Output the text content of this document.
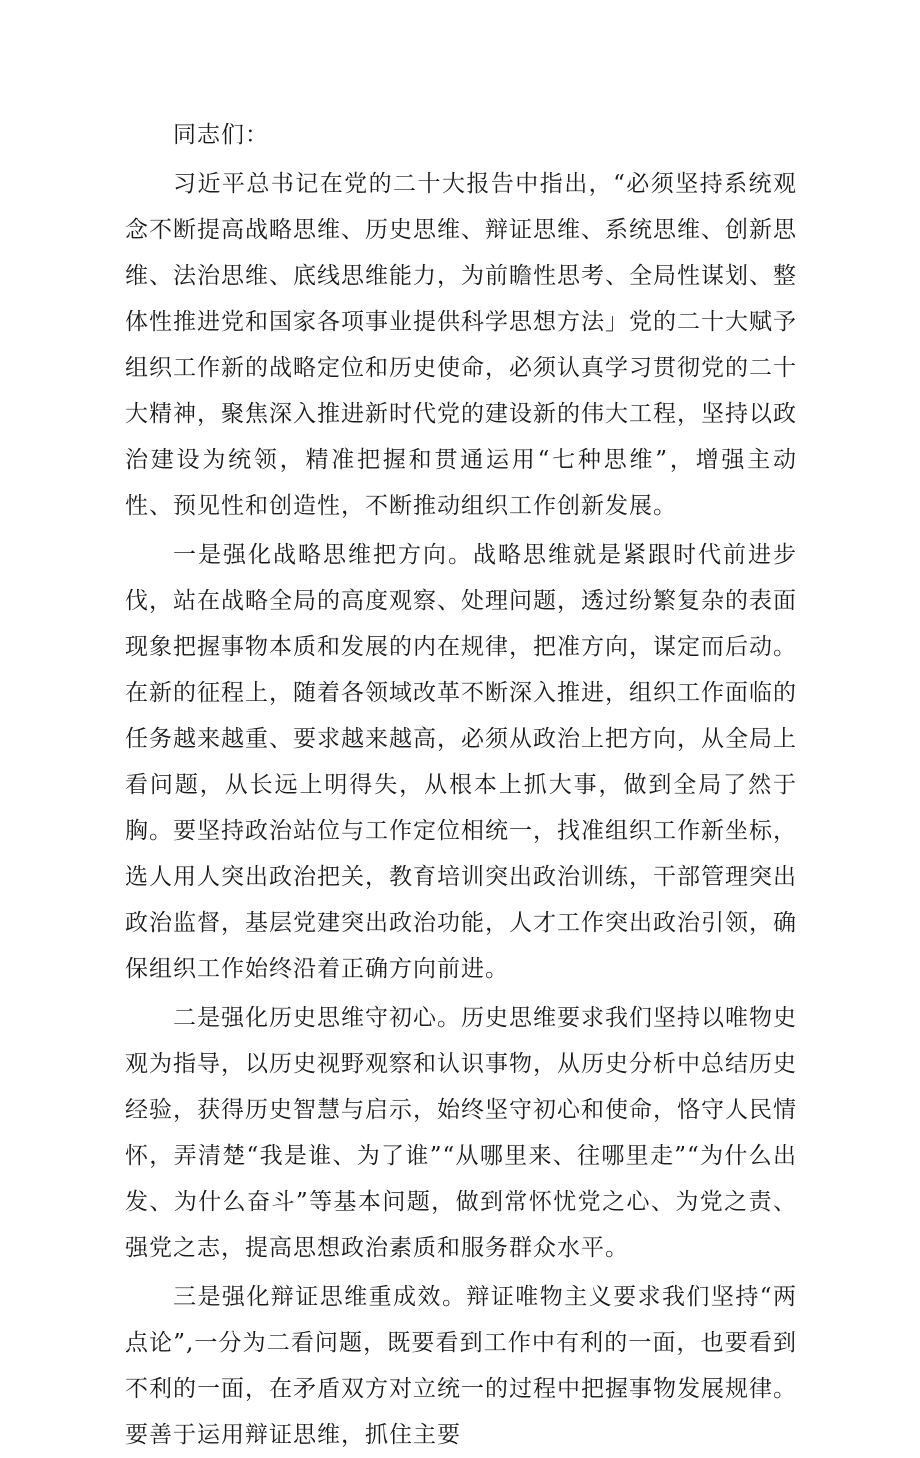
同志们：

习近平总书记在党的二十大报告中指出，“必须坚持系统观念不断提高战略思维、历史思维、辩证思维、系统思维、创新思维、法治思维、底线思维能力，为前瞻性思考、全局性谋划、整体性推进党和国家各项事业提供科学思想方法」党的二十大赋予组织工作新的战略定位和历史使命，必须认真学习贯彻党的二十大精神，聚焦深入推进新时代党的建设新的伟大工程，坚持以政治建设为统领，精准把握和贯通运用“七种思维”，增强主动性、预见性和创造性，不断推动组织工作创新发展。

一是强化战略思维把方向。战略思维就是紧跟时代前进步伐，站在战略全局的高度观察、处理问题，透过纷繁复杂的表面现象把握事物本质和发展的内在规律，把准方向，谋定而后动。在新的征程上，随着各领域改革不断深入推进，组织工作面临的任务越来越重、要求越来越高，必须从政治上把方向，从全局上看问题，从长远上明得失，从根本上抓大事，做到全局了然于胸。要坚持政治站位与工作定位相统一，找准组织工作新坐标，选人用人突出政治把关，教育培训突出政治训练，干部管理突出政治监督，基层党建突出政治功能，人才工作突出政治引领，确保组织工作始终沿着正确方向前进。

二是强化历史思维守初心。历史思维要求我们坚持以唯物史观为指导，以历史视野观察和认识事物，从历史分析中总结历史经验，获得历史智慧与启示，始终坚守初心和使命，恪守人民情怀，弄清楚“我是谁、为了谁”“从哪里来、往哪里走”“为什么出发、为什么奋斗”等基本问题，做到常怀忧党之心、为党之责、强党之志，提高思想政治素质和服务群众水平。

三是强化辩证思维重成效。辩证唯物主义要求我们坚持“两点论”,一分为二看问题，既要看到工作中有利的一面，也要看到不利的一面，在矛盾双方对立统一的过程中把握事物发展规律。要善于运用辩证思维，抓住主要
